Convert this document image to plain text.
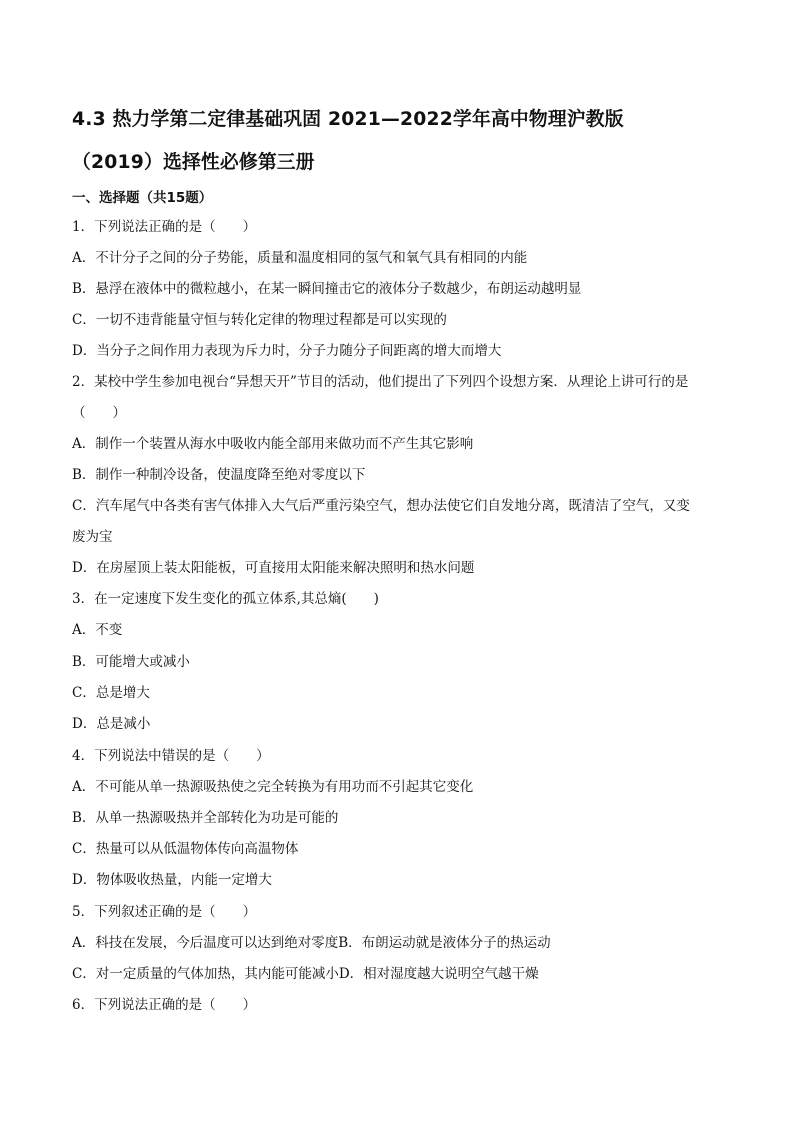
4.3 热力学第二定律基础巩固 2021—2022学年高中物理沪教版
（2019）选择性必修第三册
一、选择题（共15题）
1．下列说法正确的是（　　）
A．不计分子之间的分子势能，质量和温度相同的氢气和氧气具有相同的内能
B．悬浮在液体中的微粒越小，在某一瞬间撞击它的液体分子数越少，布朗运动越明显
C．一切不违背能量守恒与转化定律的物理过程都是可以实现的
D．当分子之间作用力表现为斥力时，分子力随分子间距离的增大而增大
2．某校中学生参加电视台“异想天开”节目的活动，他们提出了下列四个设想方案．从理论上讲可行的是
（　　）
A．制作一个装置从海水中吸收内能全部用来做功而不产生其它影响
B．制作一种制冷设备，使温度降至绝对零度以下
C．汽车尾气中各类有害气体排入大气后严重污染空气，想办法使它们自发地分离，既清洁了空气，又变
废为宝
D．在房屋顶上装太阳能板，可直接用太阳能来解决照明和热水问题
3．在一定速度下发生变化的孤立体系,其总熵(　　)
A．不变
B．可能增大或减小
C．总是增大
D．总是减小
4．下列说法中错误的是（　　）
A．不可能从单一热源吸热使之完全转换为有用功而不引起其它变化
B．从单一热源吸热并全部转化为功是可能的
C．热量可以从低温物体传向高温物体
D．物体吸收热量，内能一定增大
5．下列叙述正确的是（　　）
A．科技在发展，今后温度可以达到绝对零度B．布朗运动就是液体分子的热运动
C．对一定质量的气体加热，其内能可能减小D．相对湿度越大说明空气越干燥
6．下列说法正确的是（　　）
